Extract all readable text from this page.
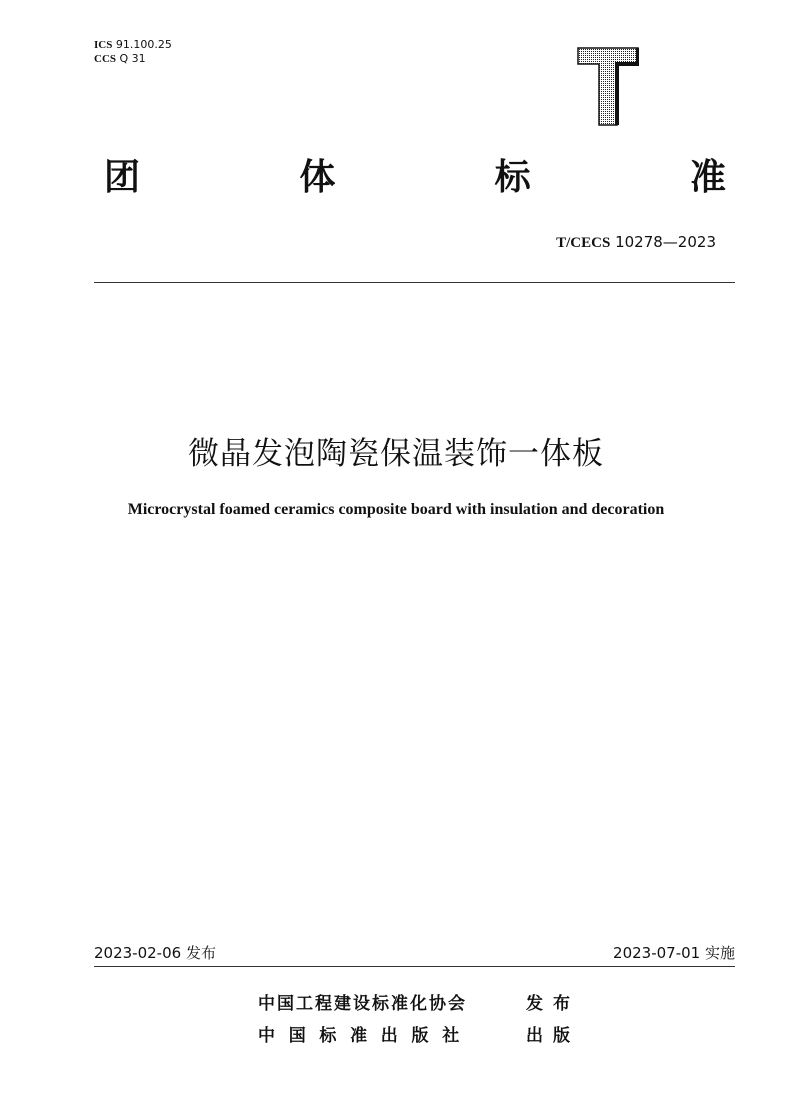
ICS 91.100.25
CCS Q 31
团	体	标	准
T/CECS 10278—2023
微晶发泡陶瓷保温装饰一体板
Microcrystal foamed ceramics composite board with insulation and decoration
2023-02-06 发布	2023-07-01 实施
中国工程建设标准化协会	发布
中国标准出版社	出版
